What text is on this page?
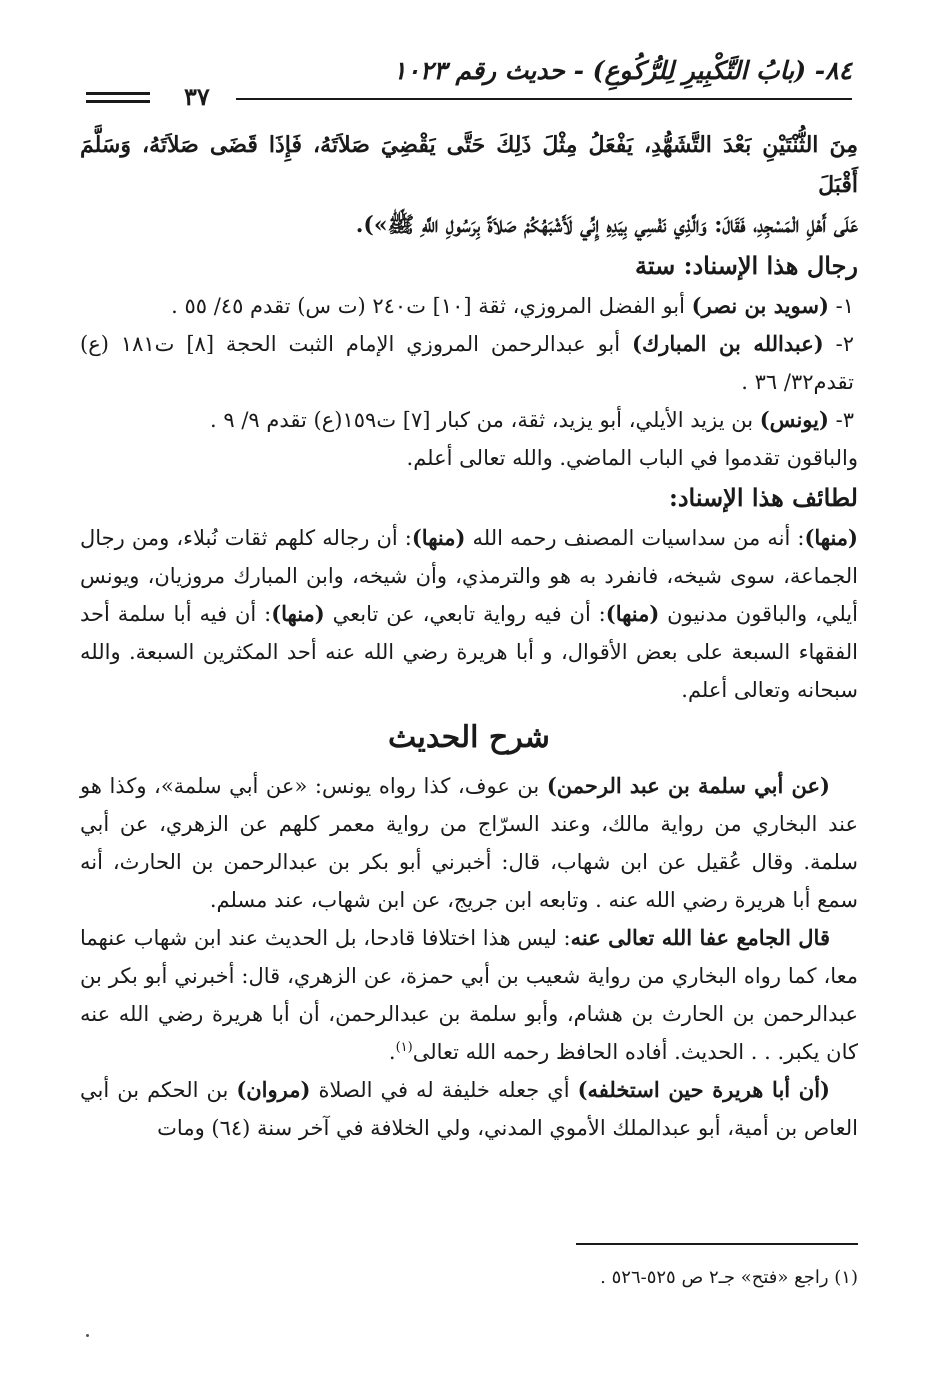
٨٤- (بابُ التَّكْبِيرِ لِلرُّكُوعِ) - حديث رقم ١٠٢٣
٣٧

مِنَ الثُّنْتَيْنِ بَعْدَ التَّشَهُّدِ، يَفْعَلُ مِثْلَ ذَلِكَ حَتَّى يَقْضِيَ صَلاَتَهُ، فَإِذَا قَضَى صَلاَتَهُ، وَسَلَّمَ أَقْبَلَ

عَلَى أَهْلِ الْمَسْجِدِ، فَقَالَ: وَالَّذِي نَفْسِي بِيَدِهِ إِنِّي لَأَشْبَهُكُمْ صَلاَةً بِرَسُولِ اللَّهِ ﷺ»).

رجال هذا الإسناد: ستة

١- (سويد بن نصر) أبو الفضل المروزي، ثقة [١٠] ت٢٤٠ (ت س) تقدم ٤٥/ ٥٥ .

٢- (عبدالله بن المبارك) أبو عبدالرحمن المروزي الإمام الثبت الحجة [٨] ت١٨١ (ع) تقدم٣٢/ ٣٦ .

٣- (يونس) بن يزيد الأيلي، أبو يزيد، ثقة، من كبار [٧] ت١٥٩(ع) تقدم ٩/ ٩ .

والباقون تقدموا في الباب الماضي. والله تعالى أعلم.

لطائف هذا الإسناد:

(منها): أنه من سداسيات المصنف رحمه الله (منها): أن رجاله كلهم ثقات نُبلاء، ومن رجال الجماعة، سوى شيخه، فانفرد به هو والترمذي، وأن شيخه، وابن المبارك مروزيان، ويونس أيلي، والباقون مدنيون (منها): أن فيه رواية تابعي، عن تابعي (منها): أن فيه أبا سلمة أحد الفقهاء السبعة على بعض الأقوال، و أبا هريرة رضي الله عنه أحد المكثرين السبعة. والله سبحانه وتعالى أعلم.

شرح الحديث

(عن أبي سلمة بن عبد الرحمن) بن عوف، كذا رواه يونس: «عن أبي سلمة»، وكذا هو عند البخاري من رواية مالك، وعند السرّاج من رواية معمر كلهم عن الزهري، عن أبي سلمة. وقال عُقيل عن ابن شهاب، قال: أخبرني أبو بكر بن عبدالرحمن بن الحارث، أنه سمع أبا هريرة رضي الله عنه . وتابعه ابن جريج، عن ابن شهاب، عند مسلم.

قال الجامع عفا الله تعالى عنه: ليس هذا اختلافا قادحا، بل الحديث عند ابن شهاب عنهما معا، كما رواه البخاري من رواية شعيب بن أبي حمزة، عن الزهري، قال: أخبرني أبو بكر بن عبدالرحمن بن الحارث بن هشام، وأبو سلمة بن عبدالرحمن، أن أبا هريرة رضي الله عنه كان يكبر. . . الحديث. أفاده الحافظ رحمه الله تعالى$^{(١)}$.

(أن أبا هريرة حين استخلفه) أي جعله خليفة له في الصلاة (مروان) بن الحكم بن أبي العاص بن أمية، أبو عبدالملك الأموي المدني، ولي الخلافة في آخر سنة (٦٤) ومات

(١) راجع «فتح» جـ٢ ص ٥٢٥-٥٢٦ .
